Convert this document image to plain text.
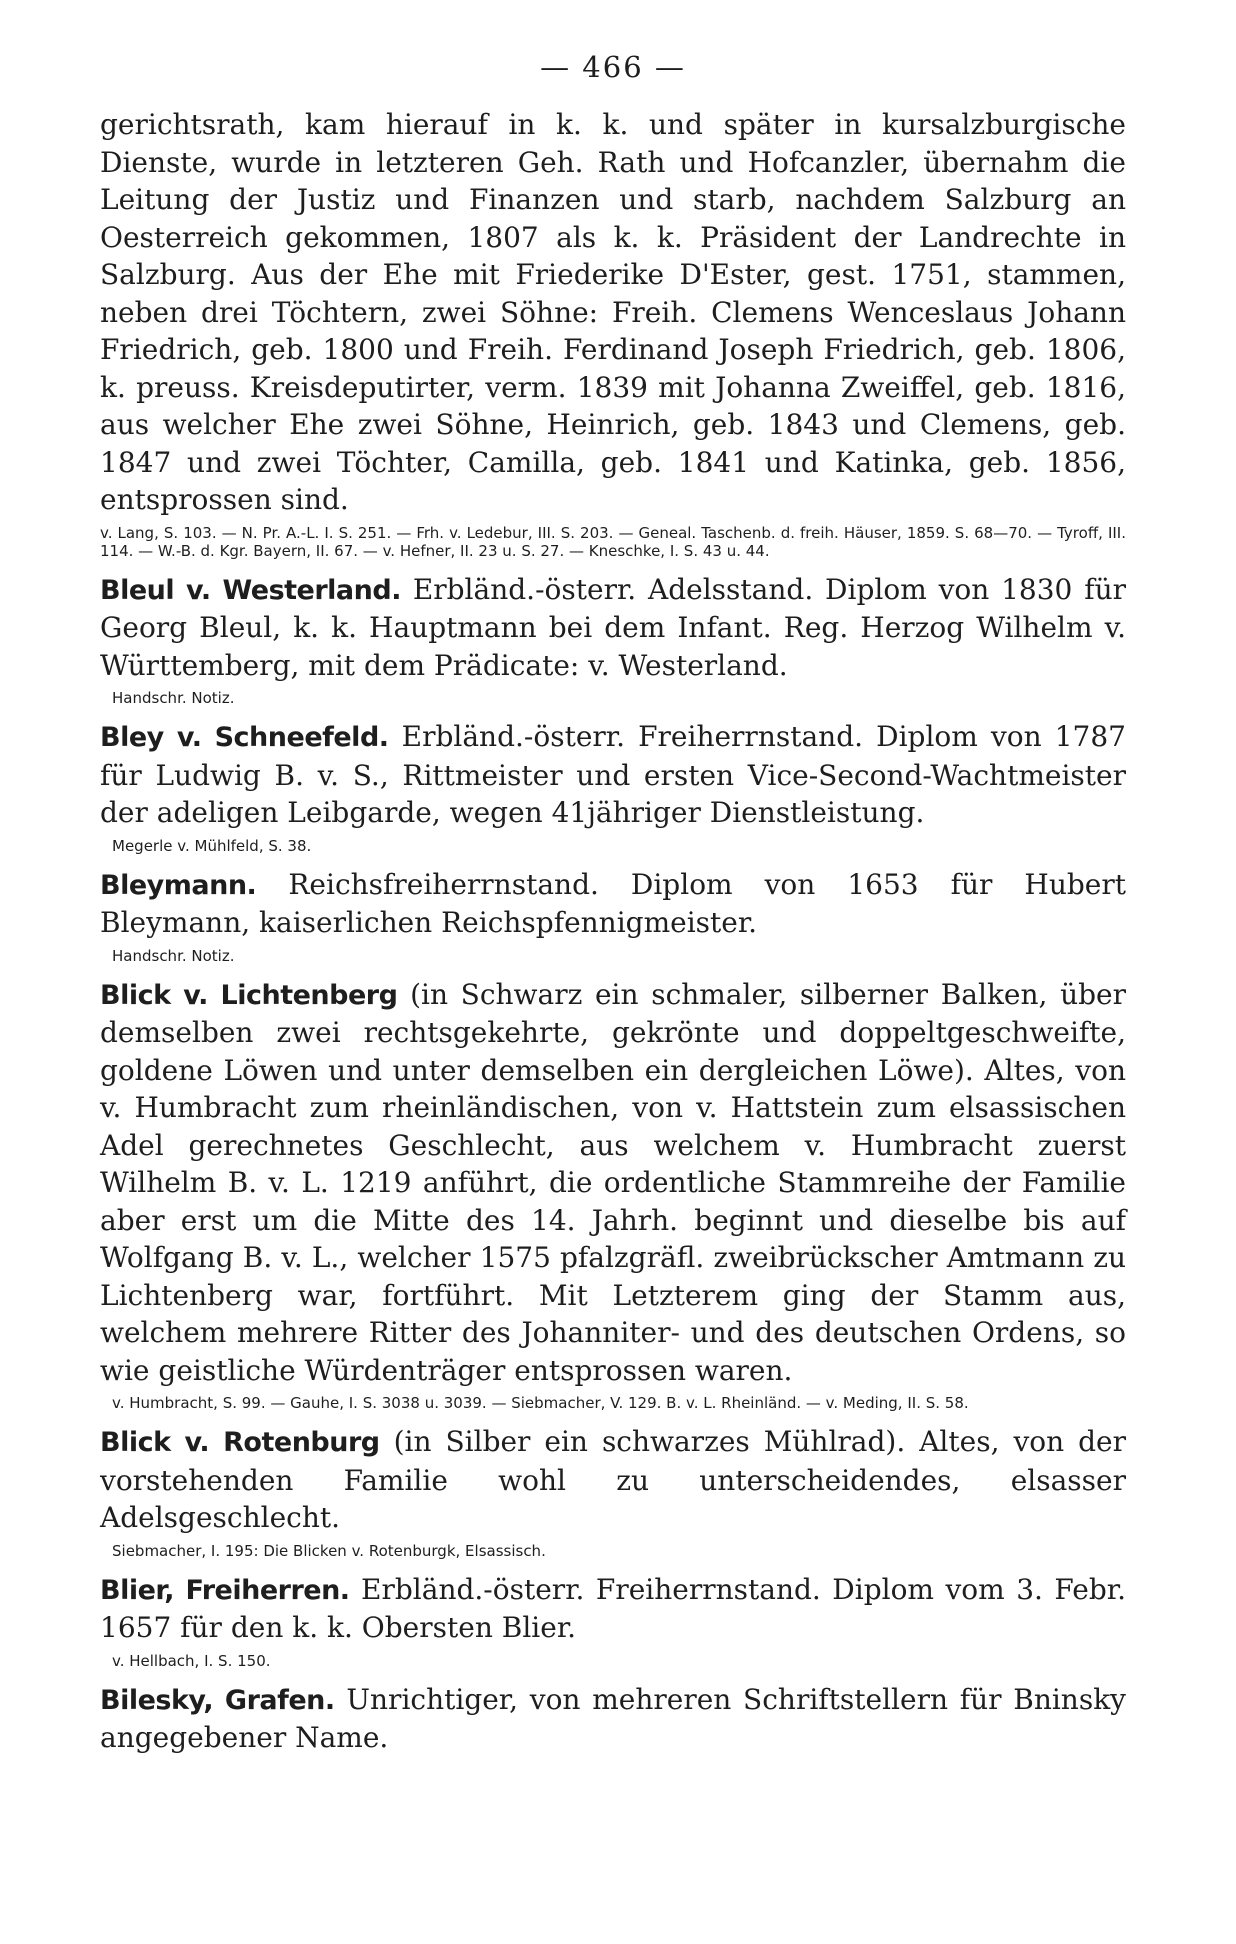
— 466 —

gerichtsrath, kam hierauf in k. k. und später in kursalzburgische Dienste, wurde in letzteren Geh. Rath und Hofcanzler, übernahm die Leitung der Justiz und Finanzen und starb, nachdem Salzburg an Oesterreich gekommen, 1807 als k. k. Präsident der Landrechte in Salzburg. Aus der Ehe mit Friederike D'Ester, gest. 1751, stammen, neben drei Töchtern, zwei Söhne: Freih. Clemens Wenceslaus Johann Friedrich, geb. 1800 und Freih. Ferdinand Joseph Friedrich, geb. 1806, k. preuss. Kreisdeputirter, verm. 1839 mit Johanna Zweiffel, geb. 1816, aus welcher Ehe zwei Söhne, Heinrich, geb. 1843 und Clemens, geb. 1847 und zwei Töchter, Camilla, geb. 1841 und Katinka, geb. 1856, entsprossen sind.

v. Lang, S. 103. — N. Pr. A.-L. I. S. 251. — Frh. v. Ledebur, III. S. 203. — Geneal. Taschenb. d. freih. Häuser, 1859. S. 68—70. — Tyroff, III. 114. — W.-B. d. Kgr. Bayern, II. 67. — v. Hefner, II. 23 u. S. 27. — Kneschke, I. S. 43 u. 44.

Bleul v. Westerland. Erbländ.-österr. Adelsstand. Diplom von 1830 für Georg Bleul, k. k. Hauptmann bei dem Infant. Reg. Herzog Wilhelm v. Württemberg, mit dem Prädicate: v. Westerland.

Handschr. Notiz.

Bley v. Schneefeld. Erbländ.-österr. Freiherrnstand. Diplom von 1787 für Ludwig B. v. S., Rittmeister und ersten Vice-Second-Wachtmeister der adeligen Leibgarde, wegen 41jähriger Dienstleistung.

Megerle v. Mühlfeld, S. 38.

Bleymann. Reichsfreiherrnstand. Diplom von 1653 für Hubert Bleymann, kaiserlichen Reichspfennigmeister.

Handschr. Notiz.

Blick v. Lichtenberg (in Schwarz ein schmaler, silberner Balken, über demselben zwei rechtsgekehrte, gekrönte und doppeltgeschweifte, goldene Löwen und unter demselben ein dergleichen Löwe). Altes, von v. Humbracht zum rheinländischen, von v. Hattstein zum elsassischen Adel gerechnetes Geschlecht, aus welchem v. Humbracht zuerst Wilhelm B. v. L. 1219 anführt, die ordentliche Stammreihe der Familie aber erst um die Mitte des 14. Jahrh. beginnt und dieselbe bis auf Wolfgang B. v. L., welcher 1575 pfalzgräfl. zweibrückscher Amtmann zu Lichtenberg war, fortführt. Mit Letzterem ging der Stamm aus, welchem mehrere Ritter des Johanniter- und des deutschen Ordens, so wie geistliche Würdenträger entsprossen waren.

v. Humbracht, S. 99. — Gauhe, I. S. 3038 u. 3039. — Siebmacher, V. 129. B. v. L. Rheinländ. — v. Meding, II. S. 58.

Blick v. Rotenburg (in Silber ein schwarzes Mühlrad). Altes, von der vorstehenden Familie wohl zu unterscheidendes, elsasser Adelsgeschlecht.

Siebmacher, I. 195: Die Blicken v. Rotenburgk, Elsassisch.

Blier, Freiherren. Erbländ.-österr. Freiherrnstand. Diplom vom 3. Febr. 1657 für den k. k. Obersten Blier.

v. Hellbach, I. S. 150.

Bilesky, Grafen. Unrichtiger, von mehreren Schriftstellern für Bninsky angegebener Name.
